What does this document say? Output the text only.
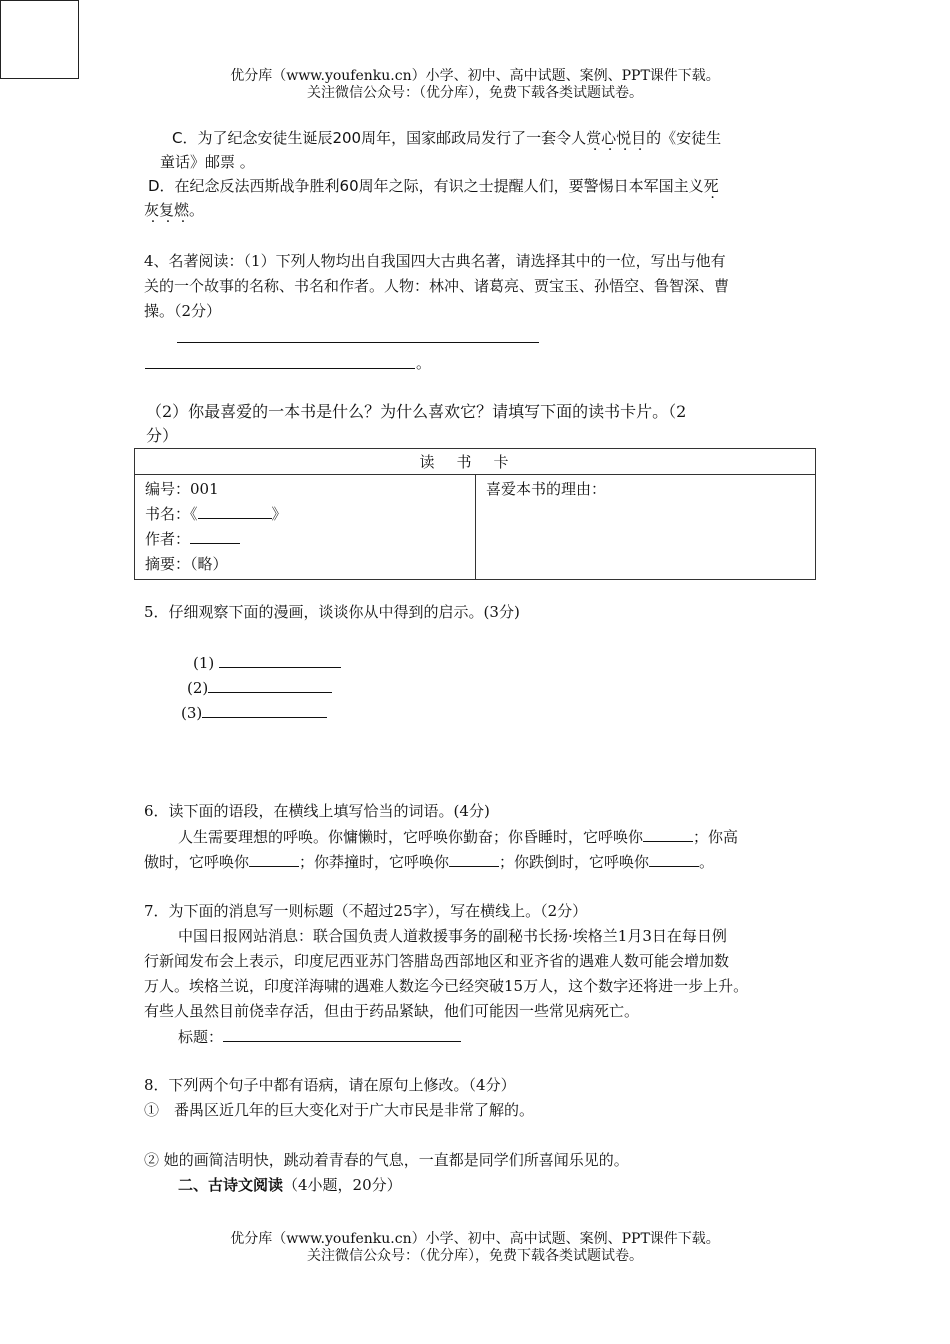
优分库（www.youfenku.cn）小学、初中、高中试题、案例、PPT课件下载。
关注微信公众号：（优分库），免费下载各类试题试卷。
C．为了纪念安徒生诞辰200周年，国家邮政局发行了一套令人赏心悦目的《安徒生
童话》邮票 。
D．在纪念反法西斯战争胜利60周年之际，有识之士提醒人们，要警惕日本军国主义死
灰复燃。
4、名著阅读：（1）下列人物均出自我国四大古典名著，请选择其中的一位，写出与他有
关的一个故事的名称、书名和作者。人物：林冲、诸葛亮、贾宝玉、孙悟空、鲁智深、曹
操。（2分）
。
（2）你最喜爱的一本书是什么？为什么喜欢它？请填写下面的读书卡片。（2
分）
读书卡

编号：001
书名：《	》
作者：
摘要：（略）

喜爱本书的理由：
5．仔细观察下面的漫画，谈谈你从中得到的启示。(3分)
(1)
(2)
(3)
6．读下面的语段，在横线上填写恰当的词语。(4分)
人生需要理想的呼唤。你慵懒时，它呼唤你勤奋；你昏睡时，它呼唤你	；你高
傲时，它呼唤你	；你莽撞时，它呼唤你	；你跌倒时，它呼唤你	。
7．为下面的消息写一则标题（不超过25字），写在横线上。（2分）
中国日报网站消息：联合国负责人道救援事务的副秘书长扬·埃格兰1月3日在每日例
行新闻发布会上表示，印度尼西亚苏门答腊岛西部地区和亚齐省的遇难人数可能会增加数
万人。埃格兰说，印度洋海啸的遇难人数迄今已经突破15万人，这个数字还将进一步上升。
有些人虽然目前侥幸存活，但由于药品紧缺，他们可能因一些常见病死亡。
标题：
8．下列两个句子中都有语病，请在原句上修改。（4分）
①　番禺区近几年的巨大变化对于广大市民是非常了解的。
② 她的画简洁明快，跳动着青春的气息，一直都是同学们所喜闻乐见的。
二、古诗文阅读（4小题，20分）
优分库（www.youfenku.cn）小学、初中、高中试题、案例、PPT课件下载。
关注微信公众号：（优分库），免费下载各类试题试卷。
